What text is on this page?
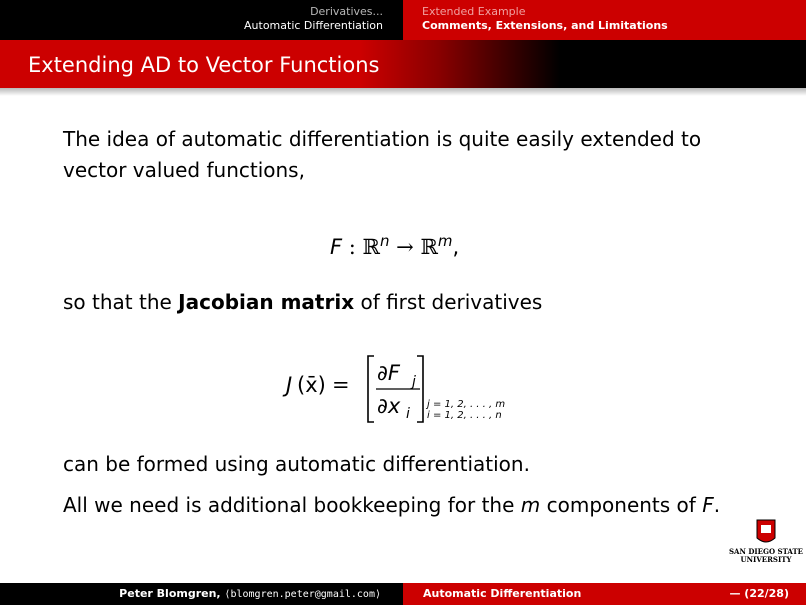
Derivatives...
Automatic Differentiation
Extended Example
Comments, Extensions, and Limitations
Extending AD to Vector Functions

The idea of automatic differentiation is quite easily extended to vector valued functions,

F : ℝ$^n$ → ℝ$^m$,
so that the Jacobian matrix of first derivatives
J (x̄) = ∂F j
∂x i
j = 1, 2, . . . , m
i = 1, 2, . . . , n
can be formed using automatic differentiation.
All we need is additional bookkeeping for the m components of F.
SAN DIEGO STATE
UNIVERSITY
Peter Blomgren, ⟨blomgren.peter@gmail.com⟩	Automatic Differentiation	— (22/28)
